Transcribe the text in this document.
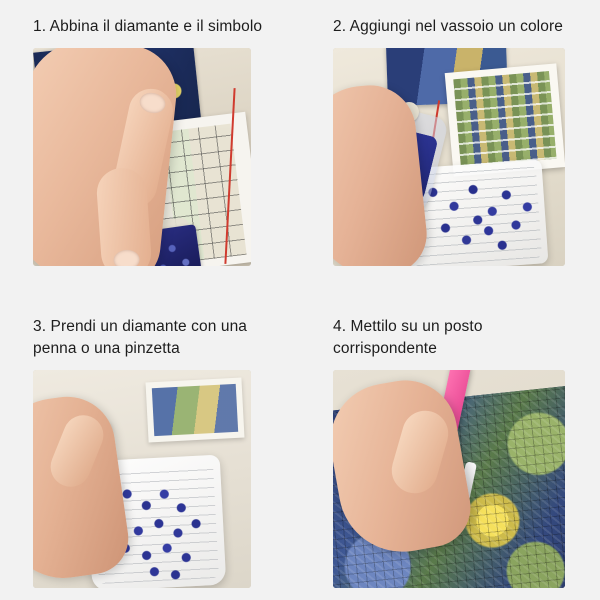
1. Abbina il diamante e il simbolo	2. Aggiungi nel vassoio un colore

3. Prendi un diamante con una penna o una pinzetta

4. Mettilo su un posto corrispondente
